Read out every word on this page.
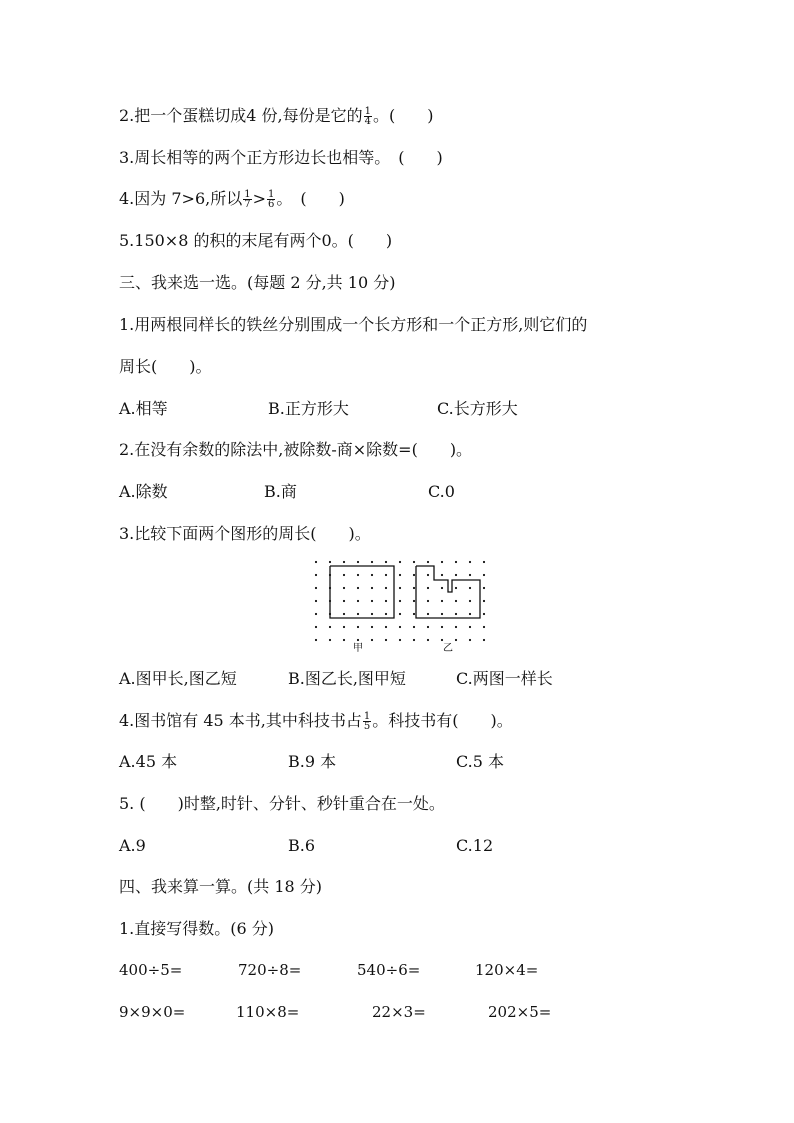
2.把一个蛋糕切成4 份,每份是它的 $\frac{1}{4}$ 。(　　)
3.周长相等的两个正方形边长也相等。　(　　)
4.因为 7>6,所以 $\frac{1}{7} > \frac{1}{6}$ 。　(　　)
5.150×8 的积的末尾有两个0。(　　)
三、我来选一选。(每题 2 分,共 10 分)
1.用两根同样长的铁丝分别围成一个长方形和一个正方形,则它们的
周长(　　)。
A.相等	B.正方形大	C.长方形大
2.在没有余数的除法中,被除数-商×除数=(　　)。
A.除数	B.商	C.0
3.比较下面两个图形的周长(　　)。
甲	乙
A.图甲长,图乙短	B.图乙长,图甲短	C.两图一样长
4.图书馆有 45 本书,其中科技书占 $\frac{1}{5}$ 。科技书有(　　)。
A.45 本	B.9 本	C.5 本
5. (　　)时整,时针、分针、秒针重合在一处。
A.9	B.6	C.12
四、我来算一算。(共 18 分)
1.直接写得数。(6 分)
400÷5=	720÷8=	540÷6=	120×4=
9×9×0=	110×8=	22×3=	202×5=
